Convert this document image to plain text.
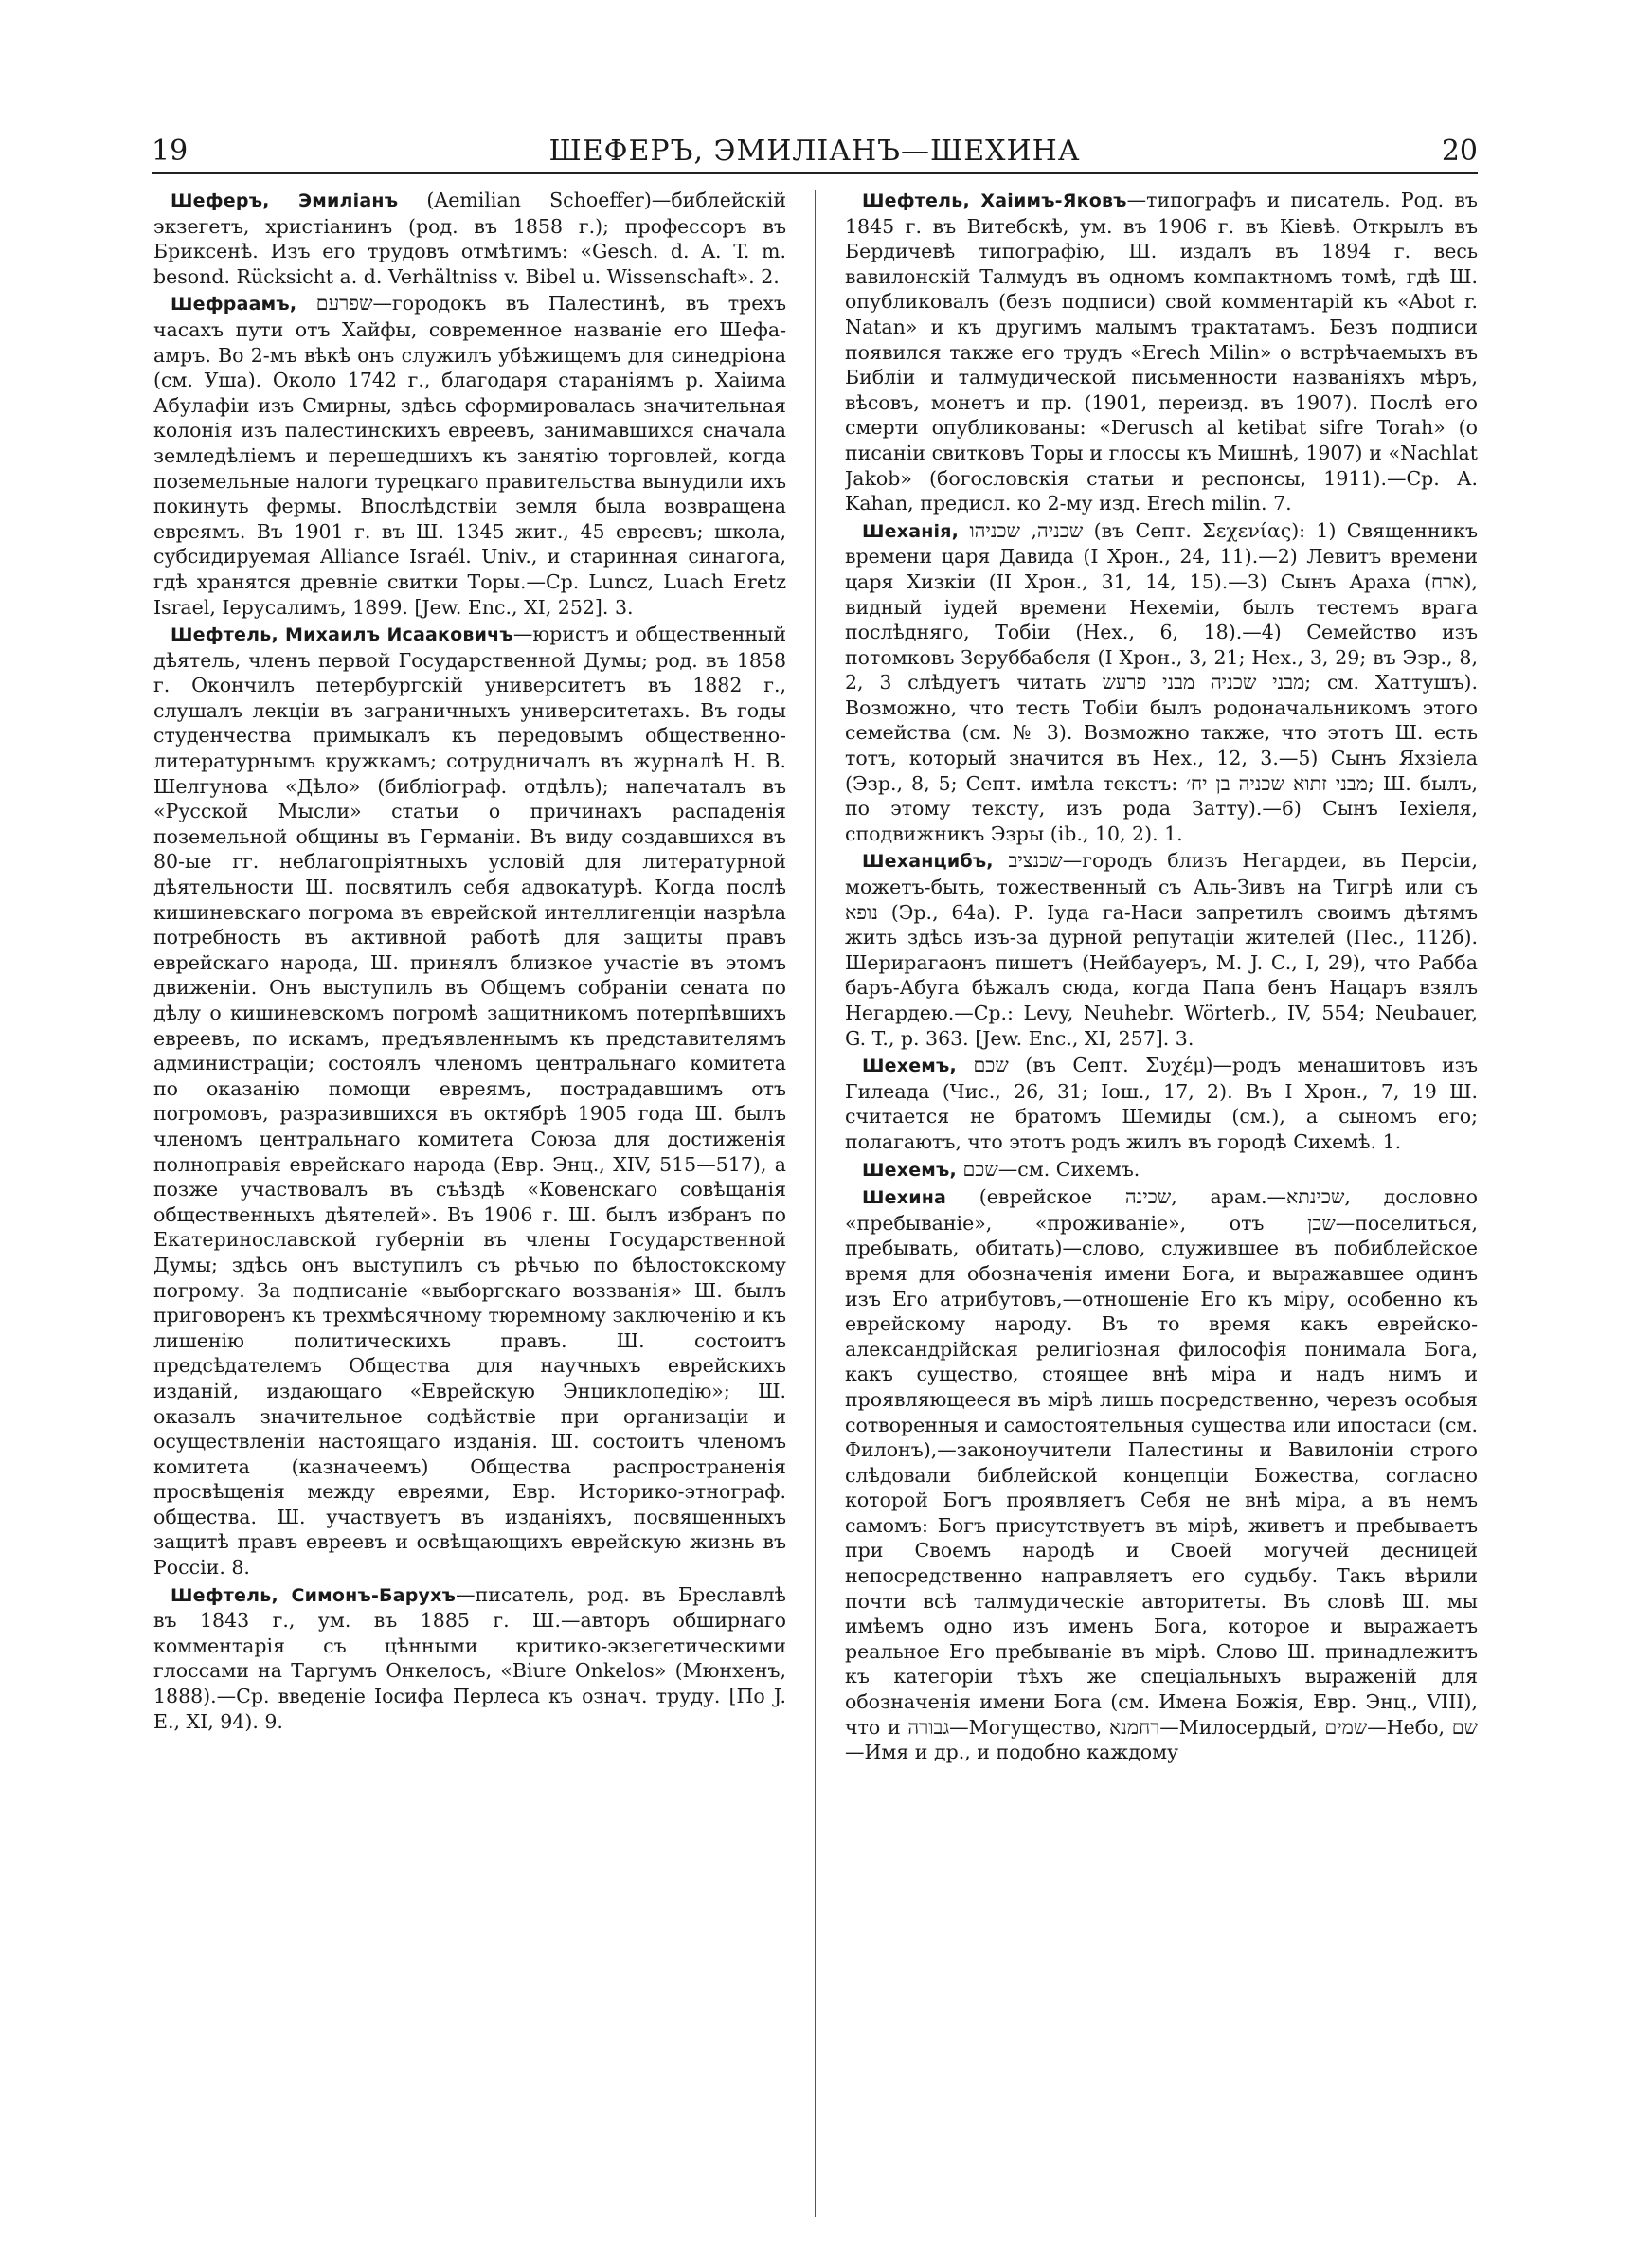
19	ШЕФЕРЪ, ЭМИЛІАНЪ—ШЕХИНА	20

Шеферъ, Эмиліанъ (Aemilian Schoeffer)—библейскій экзегетъ, христіанинъ (род. въ 1858 г.); профессоръ въ Бриксенѣ. Изъ его трудовъ отмѣтимъ: «Gesch. d. A. T. m. besond. Rücksicht a. d. Verhältniss v. Bibel u. Wissenschaft». 2.

Шефраамъ, שפרעם—городокъ въ Палестинѣ, въ трехъ часахъ пути отъ Хайфы, современное названіе его Шефа-амръ. Во 2-мъ вѣкѣ онъ служилъ убѣжищемъ для синедріона (см. Уша). Около 1742 г., благодаря стараніямъ р. Хаіима Абулафіи изъ Смирны, здѣсь сформировалась значительная колонія изъ палестинскихъ евреевъ, занимавшихся сначала земледѣліемъ и перешедшихъ къ занятію торговлей, когда поземельные налоги турецкаго правительства вынудили ихъ покинуть фермы. Впослѣдствіи земля была возвращена евреямъ. Въ 1901 г. въ Ш. 1345 жит., 45 евреевъ; школа, субсидируемая Alliance Israél. Univ., и старинная синагога, гдѣ хранятся древніе свитки Торы.—Ср. Luncz, Luach Eretz Israel, Іерусалимъ, 1899. [Jew. Enc., XI, 252]. 3.

Шефтель, Михаилъ Исааковичъ—юристъ и общественный дѣятель, членъ первой Государственной Думы; род. въ 1858 г. Окончилъ петербургскій университетъ въ 1882 г., слушалъ лекціи въ заграничныхъ университетахъ. Въ годы студенчества примыкалъ къ передовымъ общественно-литературнымъ кружкамъ; сотрудничалъ въ журналѣ Н. В. Шелгунова «Дѣло» (библіограф. отдѣлъ); напечаталъ въ «Русской Мысли» статьи о причинахъ распаденія поземельной общины въ Германіи. Въ виду создавшихся въ 80-ые гг. неблагопріятныхъ условій для литературной дѣятельности Ш. посвятилъ себя адвокатурѣ. Когда послѣ кишиневскаго погрома въ еврейской интеллигенціи назрѣла потребность въ активной работѣ для защиты правъ еврейскаго народа, Ш. принялъ близкое участіе въ этомъ движеніи. Онъ выступилъ въ Общемъ собраніи сената по дѣлу о кишиневскомъ погромѣ защитникомъ потерпѣвшихъ евреевъ, по искамъ, предъявленнымъ къ представителямъ администраціи; состоялъ членомъ центральнаго комитета по оказанію помощи евреямъ, пострадавшимъ отъ погромовъ, разразившихся въ октябрѣ 1905 года Ш. былъ членомъ центральнаго комитета Союза для достиженія полноправія еврейскаго народа (Евр. Энц., XIV, 515—517), а позже участвовалъ въ съѣздѣ «Ковенскаго совѣщанія общественныхъ дѣятелей». Въ 1906 г. Ш. былъ избранъ по Екатеринославской губерніи въ члены Государственной Думы; здѣсь онъ выступилъ съ рѣчью по бѣлостокскому погрому. За подписаніе «выборгскаго воззванія» Ш. былъ приговоренъ къ трехмѣсячному тюремному заключенію и къ лишенію политическихъ правъ. Ш. состоитъ предсѣдателемъ Общества для научныхъ еврейскихъ изданій, издающаго «Еврейскую Энциклопедію»; Ш. оказалъ значительное содѣйствіе при организаціи и осуществленіи настоящаго изданія. Ш. состоитъ членомъ комитета (казначеемъ) Общества распространенія просвѣщенія между евреями, Евр. Историко-этнограф. общества. Ш. участвуетъ въ изданіяхъ, посвященныхъ защитѣ правъ евреевъ и освѣщающихъ еврейскую жизнь въ Россіи. 8.

Шефтель, Симонъ-Барухъ—писатель, род. въ Бреславлѣ въ 1843 г., ум. въ 1885 г. Ш.—авторъ обширнаго комментарія съ цѣнными критико-экзегетическими глоссами на Таргумъ Онкелосъ, «Biure Onkelos» (Мюнхенъ, 1888).—Ср. введеніе Іосифа Перлеса къ означ. труду. [По J. E., XI, 94). 9.

Шефтель, Хаіимъ-Яковъ—типографъ и писатель. Род. въ 1845 г. въ Витебскѣ, ум. въ 1906 г. въ Кіевѣ. Открылъ въ Бердичевѣ типографію, Ш. издалъ въ 1894 г. весь вавилонскій Талмудъ въ одномъ компактномъ томѣ, гдѣ Ш. опубликовалъ (безъ подписи) свой комментарій къ «Abot r. Natan» и къ другимъ малымъ трактатамъ. Безъ подписи появился также его трудъ «Erech Milin» о встрѣчаемыхъ въ Библіи и талмудической письменности названіяхъ мѣръ, вѣсовъ, монетъ и пр. (1901, переизд. въ 1907). Послѣ его смерти опубликованы: «Derusch al ketibat sifre Torah» (о писаніи свитковъ Торы и глоссы къ Мишнѣ, 1907) и «Nachlat Jakob» (богословскія статьи и респонсы, 1911).—Ср. А. Kahan, предисл. ко 2-му изд. Erech milin. 7.

Шеханія, שכניה, שכניהו (въ Септ. Σεχενίας): 1) Священникъ времени царя Давида (I Хрон., 24, 11).—2) Левитъ времени царя Хизкіи (II Хрон., 31, 14, 15).—3) Сынъ Араха (ארח), видный іудей времени Нехеміи, былъ тестемъ врага послѣдняго, Тобіи (Нех., 6, 18).—4) Семейство изъ потомковъ Зеруббабеля (I Хрон., 3, 21; Нех., 3, 29; въ Эзр., 8, 2, 3 слѣдуетъ читать מבני שכניה מבני פרעש; см. Хаттушъ). Возможно, что тесть Тобіи былъ родоначальникомъ этого семейства (см. № 3). Возможно также, что этотъ Ш. есть тотъ, который значится въ Нех., 12, 3.—5) Сынъ Яхзіела (Эзр., 8, 5; Септ. имѣла текстъ: מבני זתוא שכניה בן יח׳; Ш. былъ, по этому тексту, изъ рода Затту).—6) Сынъ Іехіеля, сподвижникъ Эзры (ib., 10, 2). 1.

Шеханцибъ, שכנציב—городъ близъ Негардеи, въ Персіи, можетъ-быть, тожественный съ Аль-Зивъ на Тигрѣ или съ נופא (Эр., 64а). Р. Іуда га-Наси запретилъ своимъ дѣтямъ жить здѣсь изъ-за дурной репутаціи жителей (Пес., 112б). Шерирагаонъ пишетъ (Нейбауеръ, M. J. C., I, 29), что Рабба баръ-Абуга бѣжалъ сюда, когда Папа бенъ Нацаръ взялъ Негардею.—Ср.: Levy, Neuhebr. Wörterb., IV, 554; Neubauer, G. T., p. 363. [Jew. Enc., XI, 257]. 3.

Шехемъ, שכם (въ Септ. Συχέμ)—родъ менашитовъ изъ Гилеада (Чис., 26, 31; Іош., 17, 2). Въ I Хрон., 7, 19 Ш. считается не братомъ Шемиды (см.), а сыномъ его; полагаютъ, что этотъ родъ жилъ въ городѣ Сихемѣ. 1.

Шехемъ, שכם—см. Сихемъ.

Шехина (еврейское שכינה, арам.—שכינתא, дословно «пребываніе», «проживаніе», отъ שכן—поселиться, пребывать, обитать)—слово, служившее въ побиблейское время для обозначенія имени Бога, и выражавшее одинъ изъ Его атрибутовъ,—отношеніе Его къ міру, особенно къ еврейскому народу. Въ то время какъ еврейско-александрійская религіозная философія понимала Бога, какъ существо, стоящее внѣ міра и надъ нимъ и проявляющееся въ мірѣ лишь посредственно, черезъ особыя сотворенныя и самостоятельныя существа или ипостаси (см. Филонъ),—законоучители Палестины и Вавилоніи строго слѣдовали библейской концепціи Божества, согласно которой Богъ проявляетъ Себя не внѣ міра, а въ немъ самомъ: Богъ присутствуетъ въ мірѣ, живетъ и пребываетъ при Своемъ народѣ и Своей могучей десницей непосредственно направляетъ его судьбу. Такъ вѣрили почти всѣ талмудическіе авторитеты. Въ словѣ Ш. мы имѣемъ одно изъ именъ Бога, которое и выражаетъ реальное Его пребываніе въ мірѣ. Слово Ш. принадлежитъ къ категоріи тѣхъ же спеціальныхъ выраженій для обозначенія имени Бога (см. Имена Божія, Евр. Энц., VIII), что и גבורה—Могущество, רחמנא—Милосердый, שמים—Небо, שם—Имя и др., и подобно каждому
